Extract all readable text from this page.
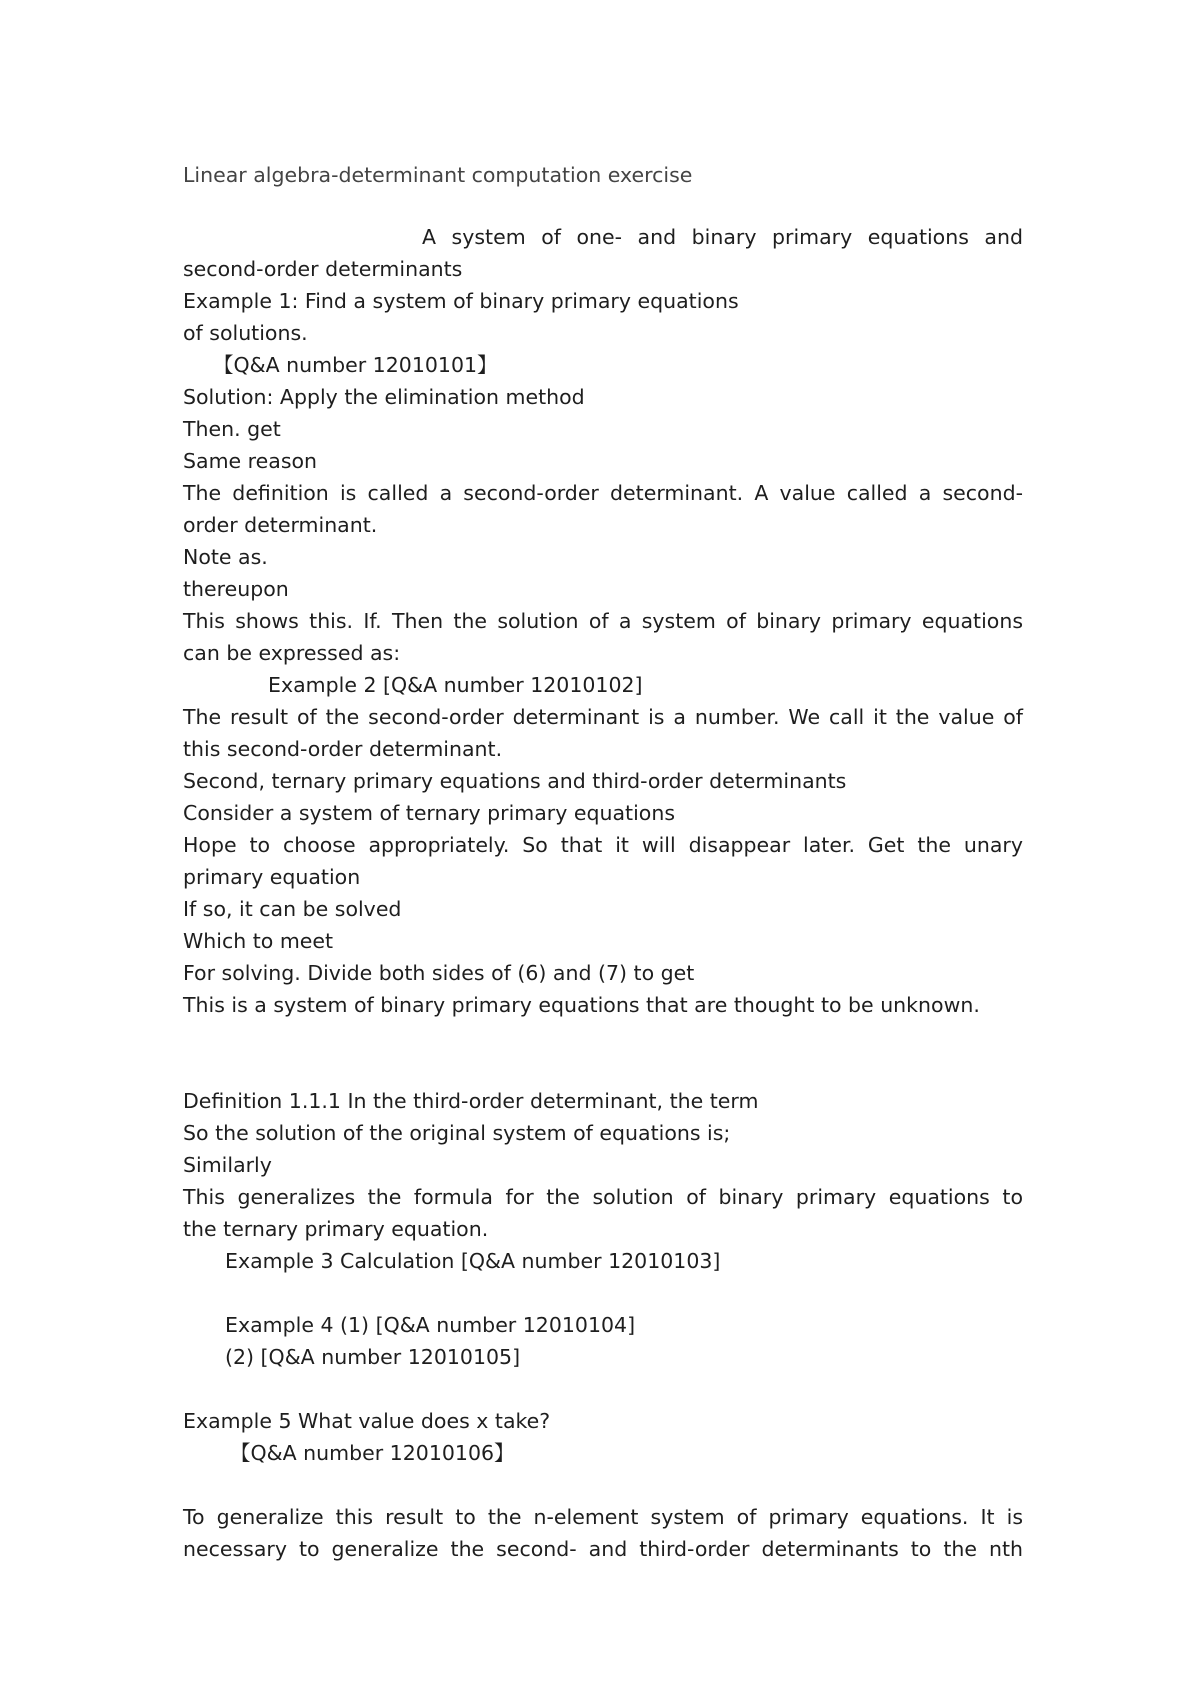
Linear algebra-determinant computation exercise
A system of one- and binary primary equations and
second-order determinants
Example 1: Find a system of binary primary equations
of solutions.
【Q&A number 12010101】
Solution: Apply the elimination method
Then. get
Same reason
The definition is called a second-order determinant. A value called a second-
order determinant.
Note as.
thereupon
This shows this. If. Then the solution of a system of binary primary equations
can be expressed as:
Example 2 [Q&A number 12010102]
The result of the second-order determinant is a number. We call it the value of
this second-order determinant.
Second, ternary primary equations and third-order determinants
Consider a system of ternary primary equations
Hope to choose appropriately. So that it will disappear later. Get the unary
primary equation
If so, it can be solved
Which to meet
For solving. Divide both sides of (6) and (7) to get
This is a system of binary primary equations that are thought to be unknown.
Definition 1.1.1 In the third-order determinant, the term
So the solution of the original system of equations is;
Similarly
This generalizes the formula for the solution of binary primary equations to
the ternary primary equation.
Example 3 Calculation [Q&A number 12010103]
Example 4 (1) [Q&A number 12010104]
(2) [Q&A number 12010105]
Example 5 What value does x take?
【Q&A number 12010106】
To generalize this result to the n-element system of primary equations. It is
necessary to generalize the second- and third-order determinants to the nth
